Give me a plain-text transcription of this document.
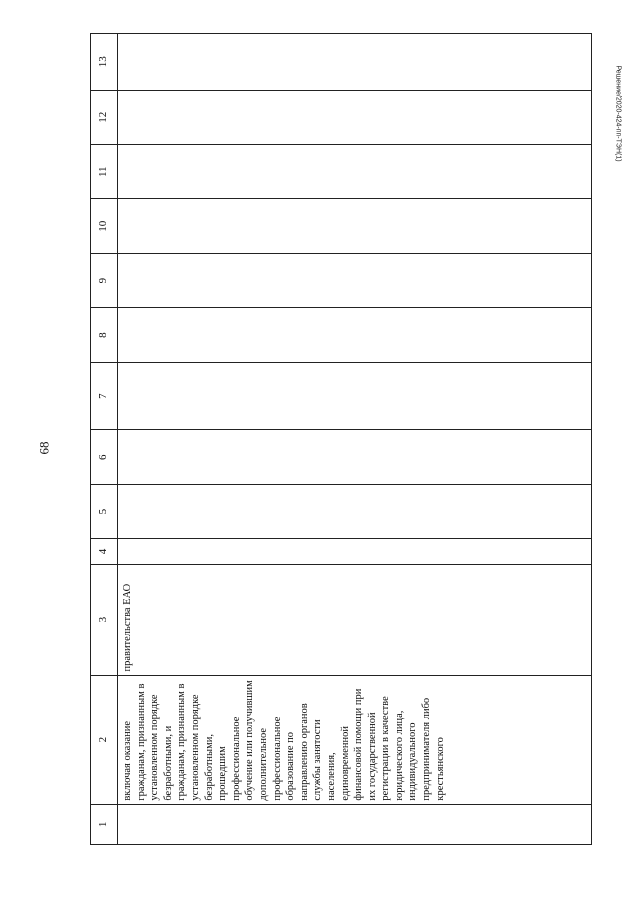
68
Решение/2020-424-пп-ТЭН(1)
1	2	3	4	5	6	7	8	9	10	11	12	13

	включая оказание гражданам, признанным в установленном порядке безработными, и гражданам, признанным в установленном порядке безработными, прошедшим профессиональное обучение или получившим дополнительное профессиональное образование по направлению органов службы занятости населения, единовременной финансовой помощи при их государственной регистрации в качестве юридического лица, индивидуального предпринимателя либо крестьянского	правительства ЕАО										
